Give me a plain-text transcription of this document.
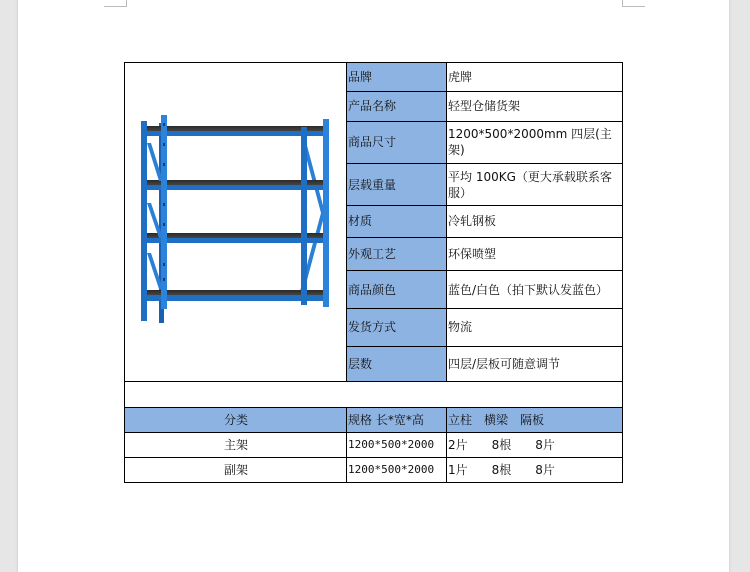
	品牌	虎牌
	产品名称	轻型仓储货架
	商品尺寸	1200*500*2000mm 四层(主架)
	层载重量	平均 100KG（更大承载联系客服）
	材质	冷轧钢板
	外观工艺	环保喷塑
	商品颜色	蓝色/白色（拍下默认发蓝色）
	发货方式	物流
	层数	四层/层板可随意调节

分类	规格 长*宽*高	立柱　横梁　隔板
主架	1200*500*2000	2片　　8根　　8片
副架	1200*500*2000	1片　　8根　　8片
